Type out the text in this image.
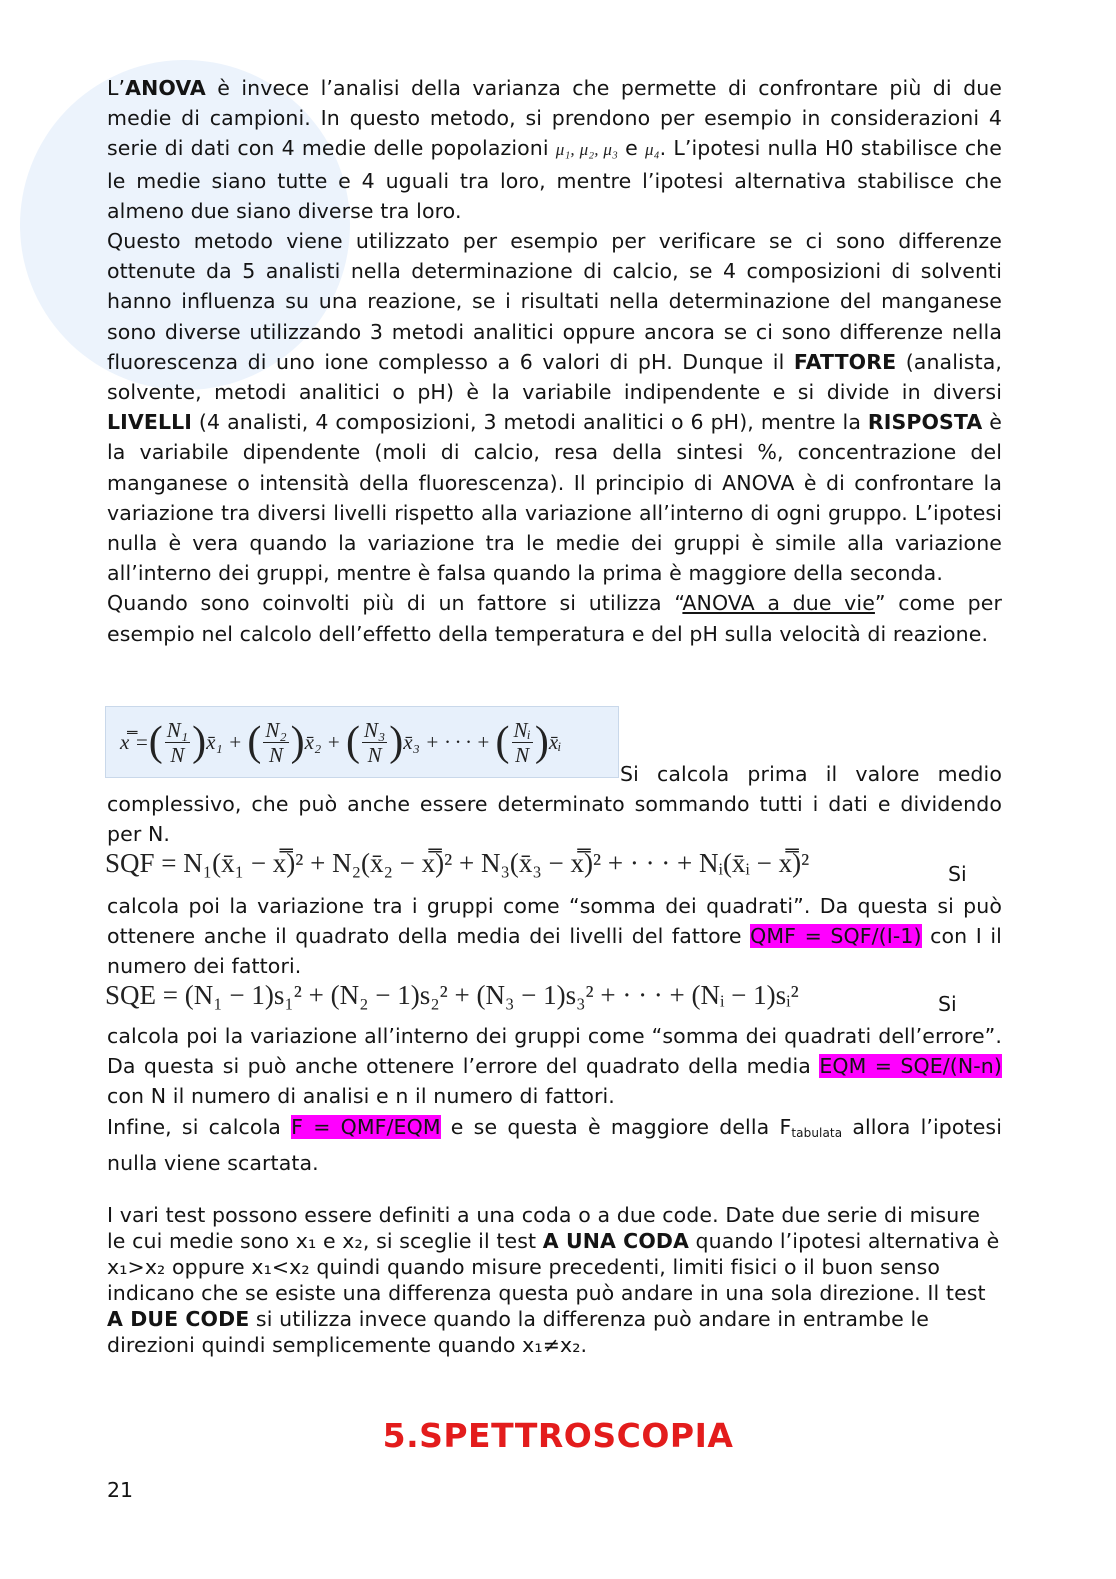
L’ANOVA è invece l’analisi della varianza che permette di confrontare più di due medie di campioni. In questo metodo, si prendono per esempio in considerazioni 4 serie di dati con 4 medie delle popolazioni μ₁, μ₂, μ₃ e μ₄. L’ipotesi nulla H0 stabilisce che le medie siano tutte e 4 uguali tra loro, mentre l’ipotesi alternativa stabilisce che almeno due siano diverse tra loro.

Questo metodo viene utilizzato per esempio per verificare se ci sono differenze ottenute da 5 analisti nella determinazione di calcio, se 4 composizioni di solventi hanno influenza su una reazione, se i risultati nella determinazione del manganese sono diverse utilizzando 3 metodi analitici oppure ancora se ci sono differenze nella fluorescenza di uno ione complesso a 6 valori di pH. Dunque il FATTORE (analista, solvente, metodi analitici o pH) è la variabile indipendente e si divide in diversi LIVELLI (4 analisti, 4 composizioni, 3 metodi analitici o 6 pH), mentre la RISPOSTA è la variabile dipendente (moli di calcio, resa della sintesi %, concentrazione del manganese o intensità della fluorescenza). Il principio di ANOVA è di confrontare la variazione tra diversi livelli rispetto alla variazione all’interno di ogni gruppo. L’ipotesi nulla è vera quando la variazione tra le medie dei gruppi è simile alla variazione all’interno dei gruppi, mentre è falsa quando la prima è maggiore della seconda.

Quando sono coinvolti più di un fattore si utilizza “ANOVA a due vie” come per esempio nel calcolo dell’effetto della temperatura e del pH sulla velocità di reazione.

x̿ = ( $\frac{\text{N₁}}{N}$ ) x̄₁
+
( $\frac{\text{N₂}}{N}$ ) x̄₂
+
( $\frac{\text{N₃}}{N}$ ) x̄₃
+ · · · +
( $\frac{\text{Nᵢ}}{N}$ ) x̄ᵢ
Si calcola prima il valore medio
complessivo, che può anche essere determinato sommando tutti i dati e dividendo per N.
SQF = N₁(x̄₁ − x̿)² + N₂(x̄₂ − x̿)² + N₃(x̄₃ − x̿)² + · · · + Nᵢ(x̄ᵢ − x̿)²	Si
calcola poi la variazione tra i gruppi come “somma dei quadrati”. Da questa si può ottenere anche il quadrato della media dei livelli del fattore QMF = SQF/(I-1) con I il numero dei fattori.
SQE = (N₁ − 1)s₁² + (N₂ − 1)s₂² + (N₃ − 1)s₃² + · · · + (Nᵢ − 1)sᵢ²	Si

calcola poi la variazione all’interno dei gruppi come “somma dei quadrati dell’errore”. Da questa si può anche ottenere l’errore del quadrato della media EQM = SQE/(N-n) con N il numero di analisi e n il numero di fattori.

Infine, si calcola F = QMF/EQM e se questa è maggiore della $F_{tabulata}$ allora l’ipotesi nulla viene scartata.

I vari test possono essere definiti a una coda o a due code. Date due serie di misure le cui medie sono x₁ e x₂, si sceglie il test A UNA CODA quando l’ipotesi alternativa è x₁>x₂ oppure x₁<x₂ quindi quando misure precedenti, limiti fisici o il buon senso indicano che se esiste una differenza questa può andare in una sola direzione. Il test A DUE CODE si utilizza invece quando la differenza può andare in entrambe le direzioni quindi semplicemente quando x₁≠x₂.
5.SPETTROSCOPIA
21
